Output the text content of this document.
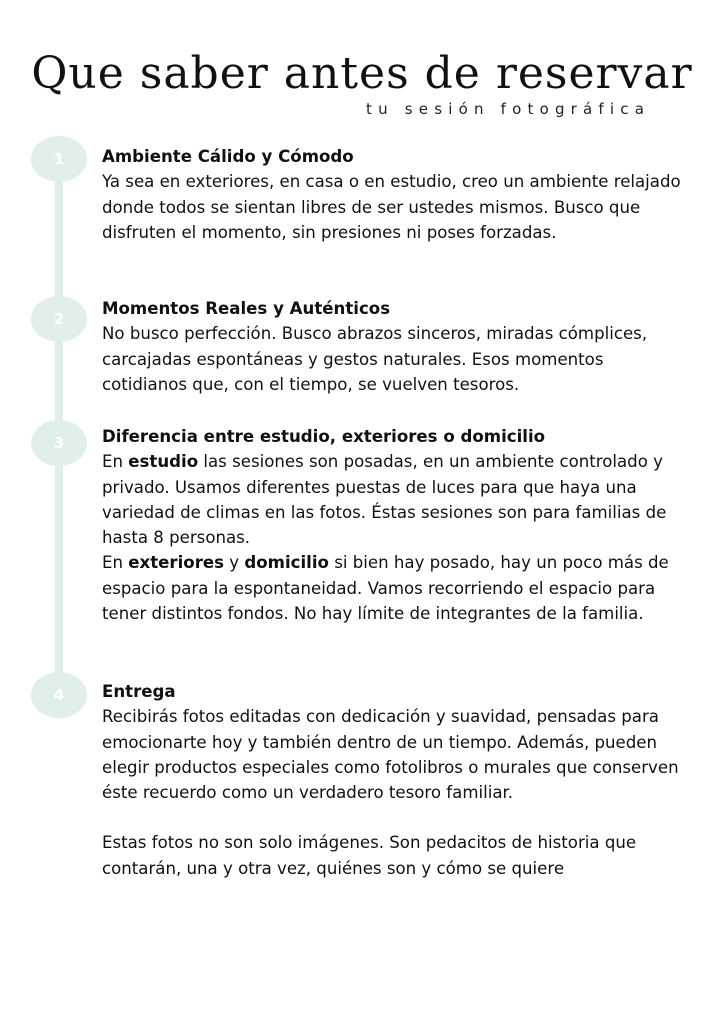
Que saber antes de reservar
tu sesión fotográfica
1	Ambiente Cálido y Cómodo

Ya sea en exteriores, en casa o en estudio, creo un ambiente relajado donde todos se sientan libres de ser ustedes mismos. Busco que disfruten el momento, sin presiones ni poses forzadas.

2
Momentos Reales y Auténticos

No busco perfección. Busco abrazos sinceros, miradas cómplices, carcajadas espontáneas y gestos naturales. Esos momentos cotidianos que, con el tiempo, se vuelven tesoros.

3	Diferencia entre estudio, exteriores o domicilio

En estudio las sesiones son posadas, en un ambiente controlado y privado. Usamos diferentes puestas de luces para que haya una variedad de climas en las fotos. Éstas sesiones son para familias de hasta 8 personas.

En exteriores y domicilio si bien hay posado, hay un poco más de espacio para la espontaneidad. Vamos recorriendo el espacio para tener distintos fondos. No hay límite de integrantes de la familia.

4	Entrega

Recibirás fotos editadas con dedicación y suavidad, pensadas para emocionarte hoy y también dentro de un tiempo. Además, pueden elegir productos especiales como fotolibros o murales que conserven éste recuerdo como un verdadero tesoro familiar.

Estas fotos no son solo imágenes. Son pedacitos de historia que contarán, una y otra vez, quiénes son y cómo se quiere
